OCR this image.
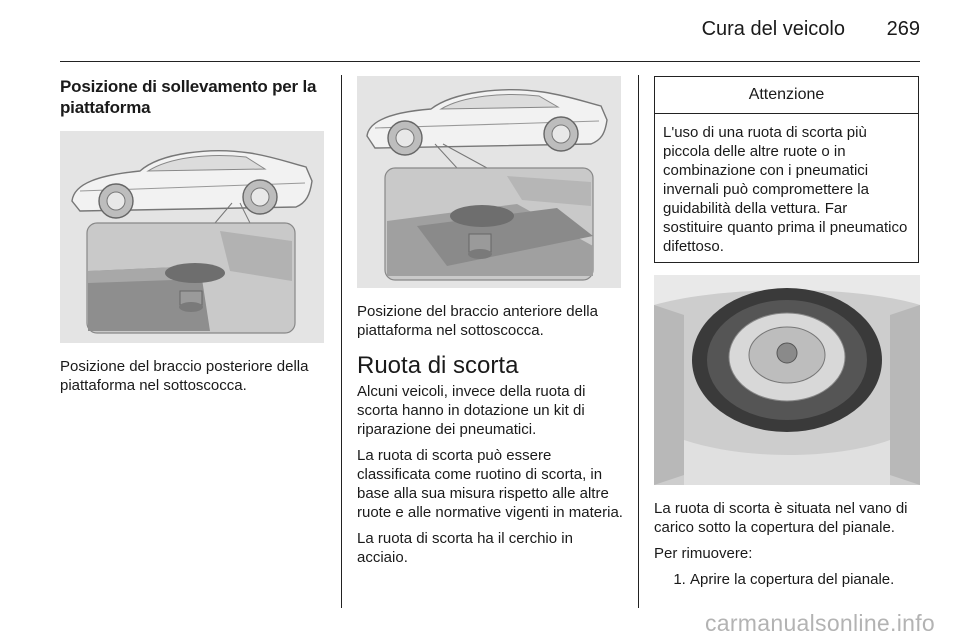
Cura del veicolo	269
Posizione di sollevamento per la piattaforma
Posizione del braccio posteriore della piattaforma nel sottoscocca.
Posizione del braccio anteriore della piattaforma nel sottoscocca.
Ruota di scorta

Alcuni veicoli, invece della ruota di scorta hanno in dotazione un kit di riparazione dei pneumatici.

La ruota di scorta può essere classificata come ruotino di scorta, in base alla sua misura rispetto alle altre ruote e alle normative vigenti in materia.

La ruota di scorta ha il cerchio in acciaio.

Attenzione
L'uso di una ruota di scorta più piccola delle altre ruote o in combinazione con i pneumatici invernali può compromettere la guidabilità della vettura. Far sostituire quanto prima il pneumatico difettoso.

La ruota di scorta è situata nel vano di carico sotto la copertura del pianale.

Per rimuovere:

1. Aprire la copertura del pianale.
carmanualsonline.info
